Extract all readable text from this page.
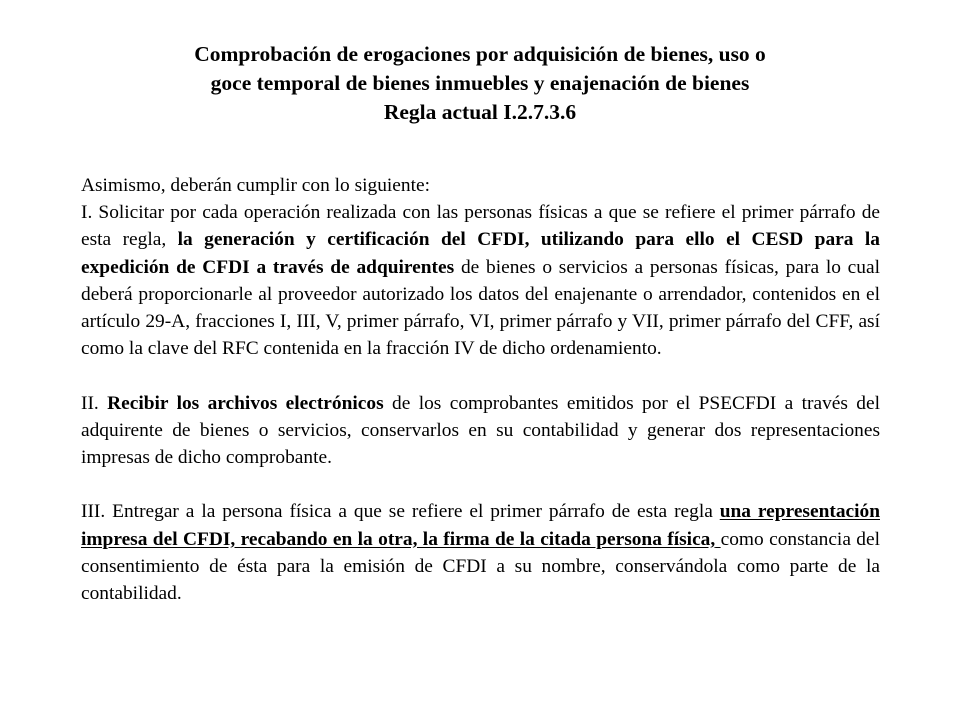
Comprobación de erogaciones por adquisición de bienes, uso o
goce temporal de bienes inmuebles y enajenación de bienes
Regla actual I.2.7.3.6

Asimismo, deberán cumplir con lo siguiente:

I. Solicitar por cada operación realizada con las personas físicas a que se refiere el primer párrafo de esta regla, la generación y certificación del CFDI, utilizando para ello el CESD para la expedición de CFDI a través de adquirentes de bienes o servicios a personas físicas, para lo cual deberá proporcionarle al proveedor autorizado los datos del enajenante o arrendador, contenidos en el artículo 29-A, fracciones I, III, V, primer párrafo, VI, primer párrafo y VII, primer párrafo del CFF, así como la clave del RFC contenida en la fracción IV de dicho ordenamiento.

II. Recibir los archivos electrónicos de los comprobantes emitidos por el PSECFDI a través del adquirente de bienes o servicios, conservarlos en su contabilidad y generar dos representaciones impresas de dicho comprobante.

III. Entregar a la persona física a que se refiere el primer párrafo de esta regla una representación impresa del CFDI, recabando en la otra, la firma de la citada persona física, como constancia del consentimiento de ésta para la emisión de CFDI a su nombre, conservándola como parte de la contabilidad.
